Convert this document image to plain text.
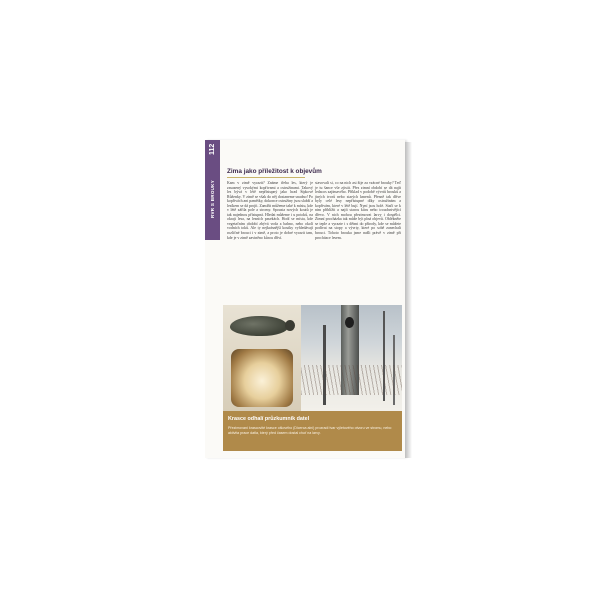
112
RVR S BROUKY
Zima jako příležitost k objevům
Kam v zimě vyrazit? Známe třeba les, který je zasazený vysokými kopřivami a ostružinami. Takový les bývá v létě nepřístupný jako hrad Šípkové Růženky. V zimě se však do něj dostaneme snadno! Po kopřivách ani pamětky, dokonce ostružiny jsou slabší a lesíkem se dá projít. Zamířit můžeme také k místu, kde v létě zářila pole a stromy. Spousta nových koutů je tak najednou přístupná. Hledat můžeme i u potoků, na okraji lesa, na lesních pasekách. Hodí se místa, kde vegetačním období zbývá voda a bahno, nebo okolí vodních toků. Ale ty nejkrásnější koutky vyhledávají rozličné brouci i v zimě, a proto je dobré vyrazit tam, kde je v zimě zaviněno kůrou dříví.
stavovali si, co na nich asi žije za vzácné brouky? Teď je tu šance vše zjistit. Přes zimní období se dá najít ledacos zajímavého. Příklad v podobě vývrtů brouků a jiných tvorů nebo starých kmenů. Přesně tak dříve byly celé lesy nepřístupné díky ostružinám a kopřivám, které v létě bují. Nyní jsou holé. Stačí se k nim přiblížit a najít starou kůru nebo trouchnivějící dřevo. V nich mohou přezimovat larvy i dospělci. Zimní procházka tak může být plná objevů. Oblékněte se teple a vyrazte i s dětmi do přírody, kde se můžete podívat na stopy a vývrty, které po sobě zanechali brouci. Tohoto brouka jsme našli právě v zimě při procházce lesem.
Krasce odhalí průzkumník datel
Přezimovaní krascovité krasce olšového (Dicerca alni) prozradí tvar výletového otvoru ve stromu, nebo aktivita prace datla, který před časem dostal chuť na larvy.
